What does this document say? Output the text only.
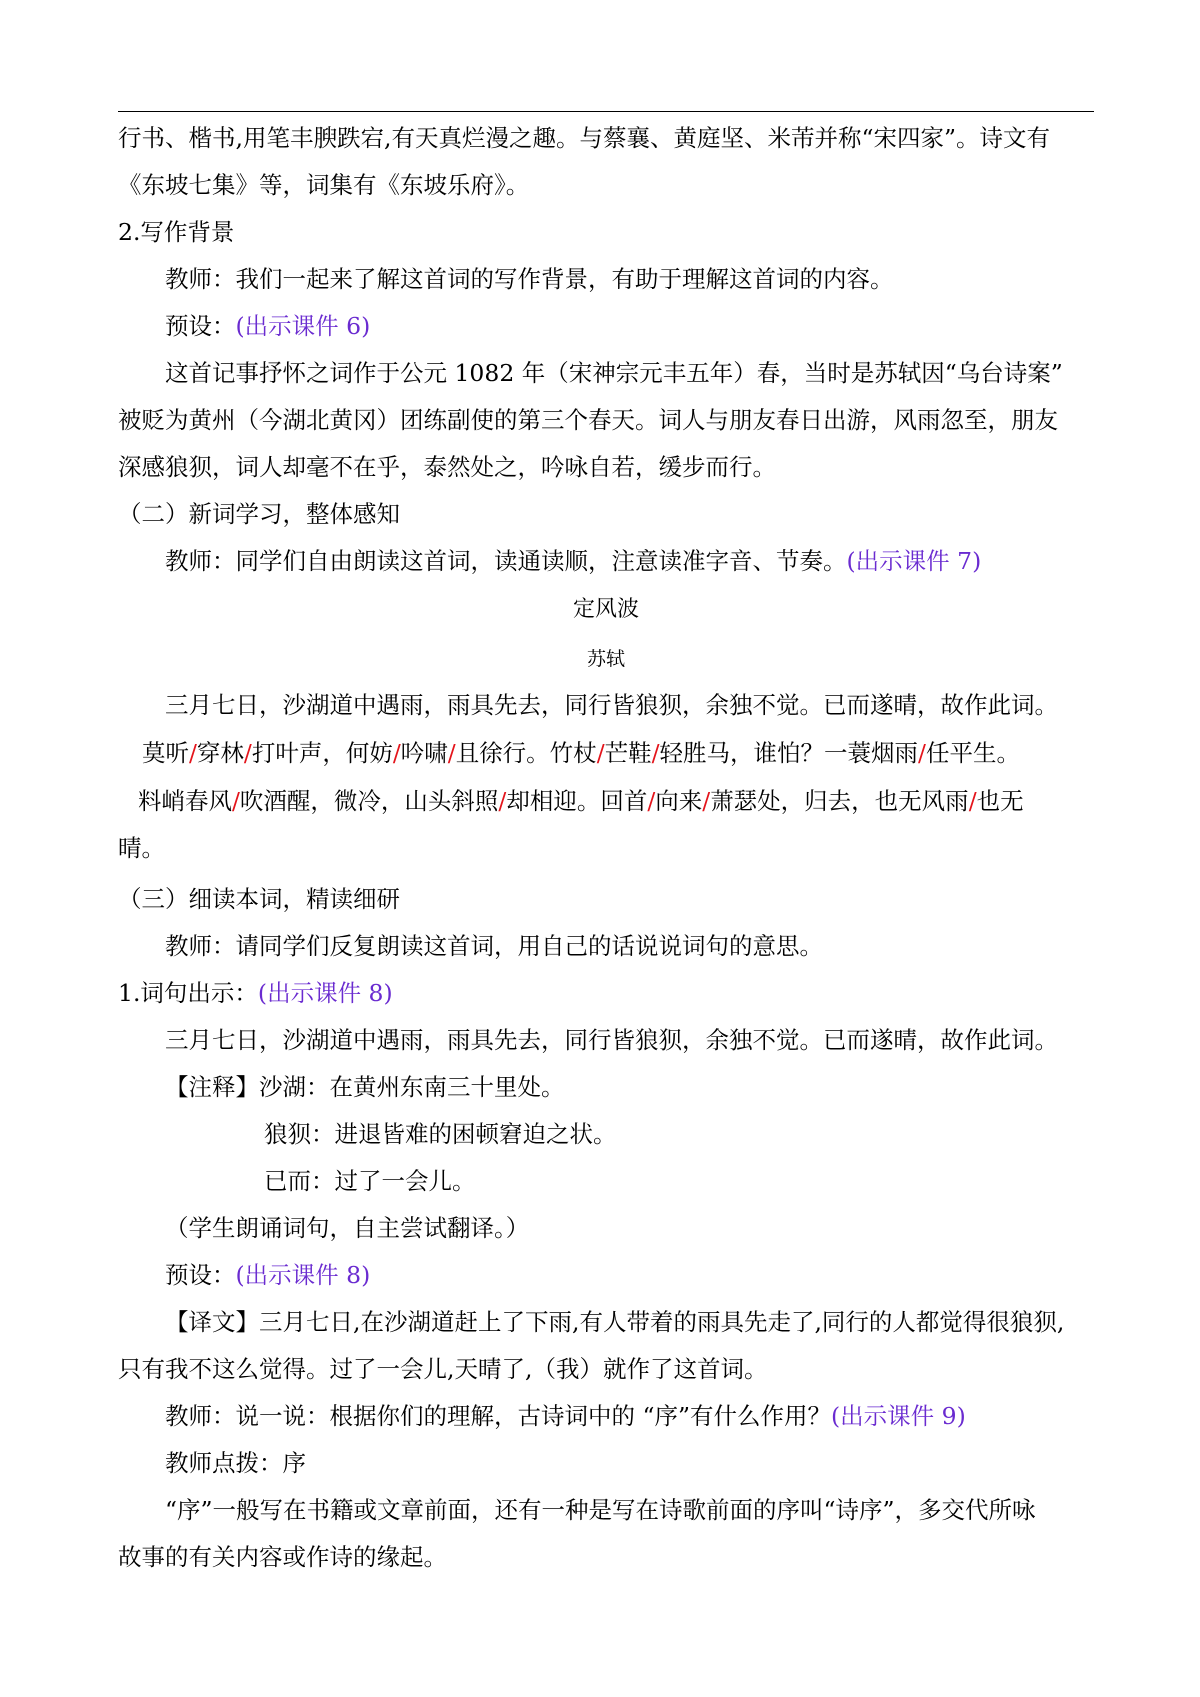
行书、楷书,用笔丰腴跌宕,有天真烂漫之趣。与蔡襄、黄庭坚、米芾并称“宋四家”。诗文有
《东坡七集》等，词集有《东坡乐府》。
2.写作背景
教师：我们一起来了解这首词的写作背景，有助于理解这首词的内容。
预设：(出示课件 6)
这首记事抒怀之词作于公元 1082 年（宋神宗元丰五年）春，当时是苏轼因“乌台诗案”
被贬为黄州（今湖北黄冈）团练副使的第三个春天。词人与朋友春日出游，风雨忽至，朋友
深感狼狈，词人却毫不在乎，泰然处之，吟咏自若，缓步而行。
（二）新词学习，整体感知
教师：同学们自由朗读这首词，读通读顺，注意读准字音、节奏。(出示课件 7)
定风波
苏轼
三月七日，沙湖道中遇雨，雨具先去，同行皆狼狈，余独不觉。已而遂晴，故作此词。
莫听/穿林/打叶声，何妨/吟啸/且徐行。竹杖/芒鞋/轻胜马，谁怕？一蓑烟雨/任平生。
料峭春风/吹酒醒，微冷，山头斜照/却相迎。回首/向来/萧瑟处，归去，也无风雨/也无
晴。
（三）细读本词，精读细研
教师：请同学们反复朗读这首词，用自己的话说说词句的意思。
1.词句出示：(出示课件 8)
三月七日，沙湖道中遇雨，雨具先去，同行皆狼狈，余独不觉。已而遂晴，故作此词。
【注释】沙湖：在黄州东南三十里处。
狼狈：进退皆难的困顿窘迫之状。
已而：过了一会儿。
（学生朗诵词句，自主尝试翻译。）
预设：(出示课件 8)
【译文】三月七日,在沙湖道赶上了下雨,有人带着的雨具先走了,同行的人都觉得很狼狈,
只有我不这么觉得。过了一会儿,天晴了,（我）就作了这首词。
教师：说一说：根据你们的理解，古诗词中的 “序”有什么作用？(出示课件 9)
教师点拨：序
“序”一般写在书籍或文章前面，还有一种是写在诗歌前面的序叫“诗序”，多交代所咏
故事的有关内容或作诗的缘起。
